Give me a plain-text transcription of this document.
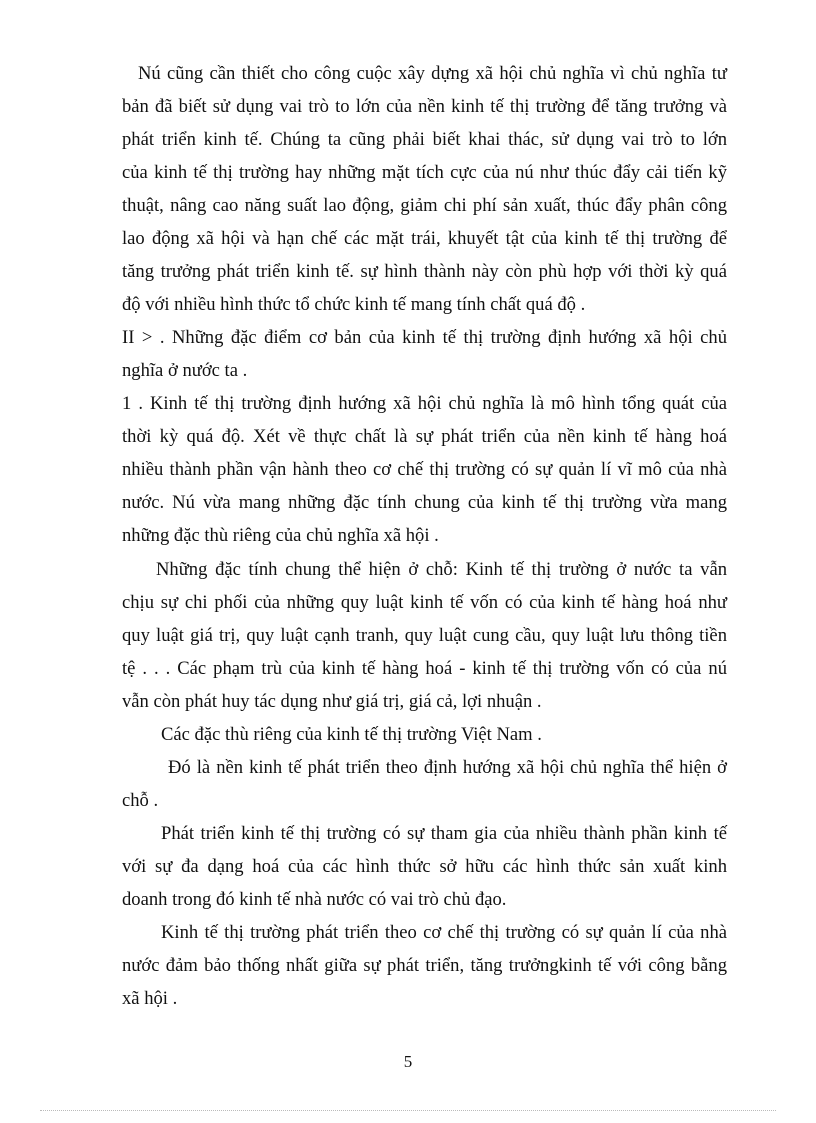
Nú cũng cần thiết cho công cuộc xây dựng xã hội chủ nghĩa vì chủ nghĩa tư
bản đã biết sử dụng vai trò to lớn của nền kinh tế thị trường để tăng trưởng và
phát triển kinh tế. Chúng ta cũng phải biết khai thác, sử dụng vai trò to lớn
của kinh tế thị trường hay những mặt tích cực của nú như thúc đẩy cải tiến kỹ
thuật, nâng cao năng suất lao động, giảm chi phí sản xuất, thúc đẩy phân công
lao động xã hội và hạn chế các mặt trái, khuyết tật của kinh tế thị trường để
tăng trưởng phát triển kinh tế. sự hình thành này còn phù hợp với thời kỳ quá
độ với nhiều hình thức tổ chức kinh tế mang tính chất quá độ .
II > . Những đặc điểm cơ bản của kinh tế thị trường định hướng xã hội chủ
nghĩa ở nước ta .
1 . Kinh tế thị trường định hướng xã hội chủ nghĩa là mô hình tổng quát của
thời kỳ quá độ. Xét về thực chất là sự phát triển của nền kinh tế hàng hoá
nhiều thành phần vận hành theo cơ chế thị trường có sự quản lí vĩ mô của nhà
nước. Nú vừa mang những đặc tính chung của kinh tế thị trường vừa mang
những đặc thù riêng của chủ nghĩa xã hội .
Những đặc tính chung thể hiện ở chỗ: Kinh tế thị trường ở nước ta vẫn
chịu sự chi phối của những quy luật kinh tế vốn có của kinh tế hàng hoá như
quy luật giá trị, quy luật cạnh tranh, quy luật cung cầu, quy luật lưu thông tiền
tệ . . . Các phạm trù của kinh tế hàng hoá - kinh tế thị trường vốn có của nú
vẫn còn phát huy tác dụng như giá trị, giá cả, lợi nhuận .
Các đặc thù riêng của kinh tế thị trường Việt Nam .
Đó là nền kinh tế phát triển theo định hướng xã hội chủ nghĩa thể hiện ở
chỗ .
Phát triển kinh tế thị trường có sự tham gia của nhiều thành phần kinh tế
với sự đa dạng hoá của các hình thức sở hữu các hình thức sản xuất kinh
doanh trong đó kinh tế nhà nước có vai trò chủ đạo.
Kinh tế thị trường phát triển theo cơ chế thị trường có sự quản lí của nhà
nước đảm bảo thống nhất giữa sự phát triển, tăng trưởngkinh tế với công bằng
xã hội .
5
